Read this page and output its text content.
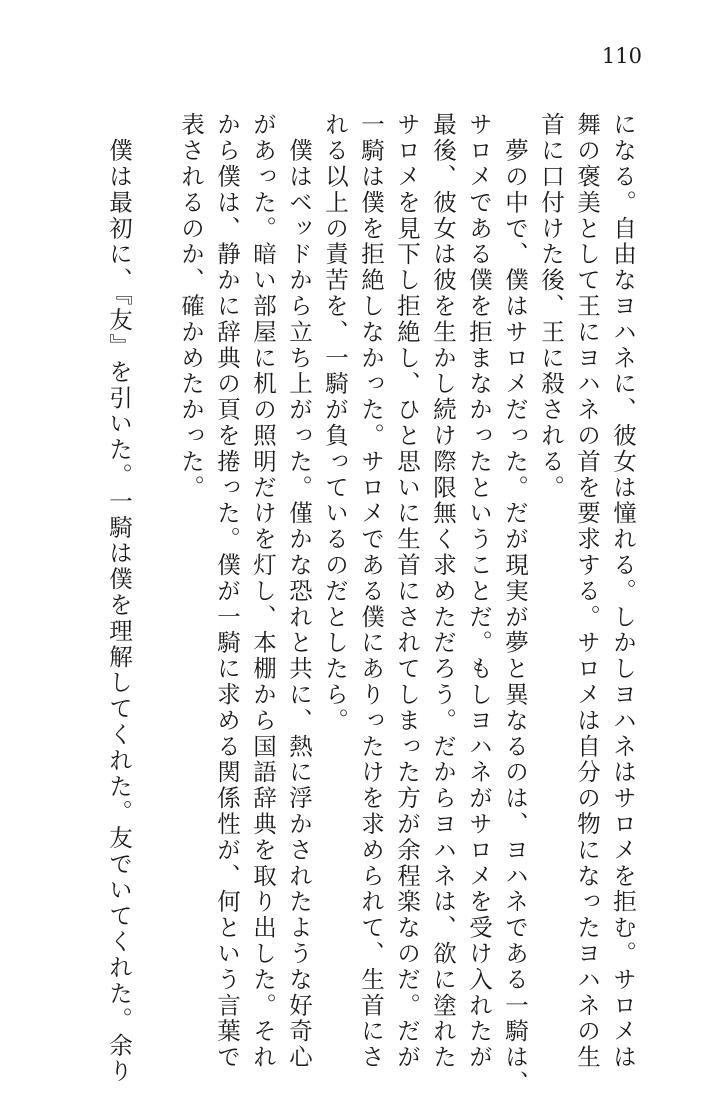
110
になる。自由なヨハネに、彼女は憧れる。しかしヨハネはサロメを拒む。サロメは
舞の褒美として王にヨハネの首を要求する。サロメは自分の物になったヨハネの生
首に口付けた後、王に殺される。
　夢の中で、僕はサロメだった。だが現実が夢と異なるのは、ヨハネである一騎は、
サロメである僕を拒まなかったということだ。もしヨハネがサロメを受け入れたが
最後、彼女は彼を生かし続け際限無く求めただろう。だからヨハネは、欲に塗れた
サロメを見下し拒絶し、ひと思いに生首にされてしまった方が余程楽なのだ。だが
一騎は僕を拒絶しなかった。サロメである僕にありったけを求められて、生首にさ
れる以上の責苦を、一騎が負っているのだとしたら。
　僕はベッドから立ち上がった。僅かな恐れと共に、熱に浮かされたような好奇心
があった。暗い部屋に机の照明だけを灯し、本棚から国語辞典を取り出した。それ
から僕は、静かに辞典の頁を捲った。僕が一騎に求める関係性が、何という言葉で
表されるのか、確かめたかった。

　僕は最初に、『友』を引いた。一騎は僕を理解してくれた。友でいてくれた。余り
